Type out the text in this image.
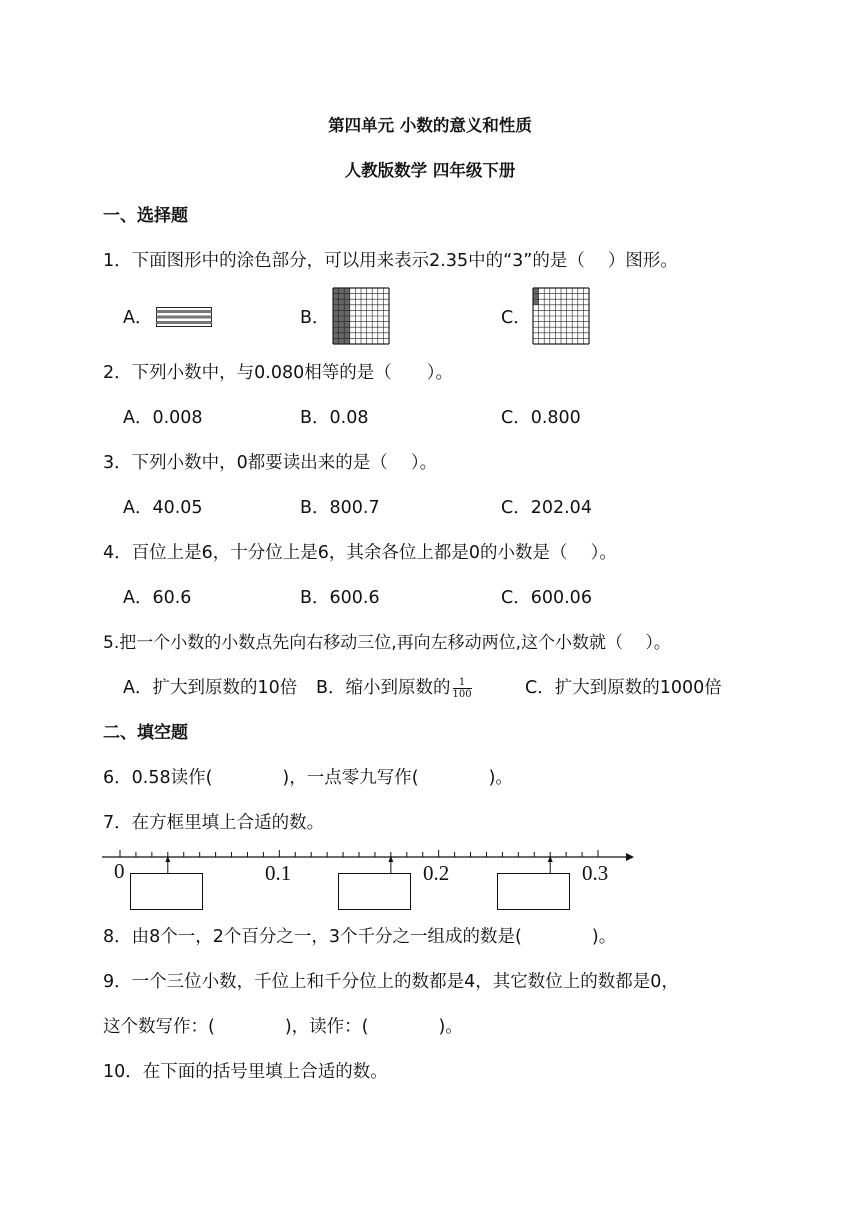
第四单元 小数的意义和性质
人教版数学 四年级下册
一、选择题
1．下面图形中的涂色部分，可以用来表示2.35中的“3”的是（　 ）图形。
A．	B．	C．
2．下列小数中，与0.080相等的是（　　）。
A．0.008	B．0.08	C．0.800
3．下列小数中，0都要读出来的是（　 ）。
A．40.05	B．800.7	C．202.04
4．百位上是6，十分位上是6，其余各位上都是0的小数是（　 ）。
A．60.6	B．600.6	C．600.06
5.把一个小数的小数点先向右移动三位,再向左移动两位,这个小数就（　 ）。
A．扩大到原数的10倍 B．缩小到原数的 $\frac{1}{100}$	C．扩大到原数的1000倍
二、填空题
6．0.58读作(　　　　)，一点零九写作(　　　　)。
7．在方框里填上合适的数。
0	0.1	0.2	0.3
8．由8个一，2个百分之一，3个千分之一组成的数是(　　　　)。
9．一个三位小数，千位上和千分位上的数都是4，其它数位上的数都是0，
这个数写作：(　　　　)，读作：(　　　　)。
10．在下面的括号里填上合适的数。
